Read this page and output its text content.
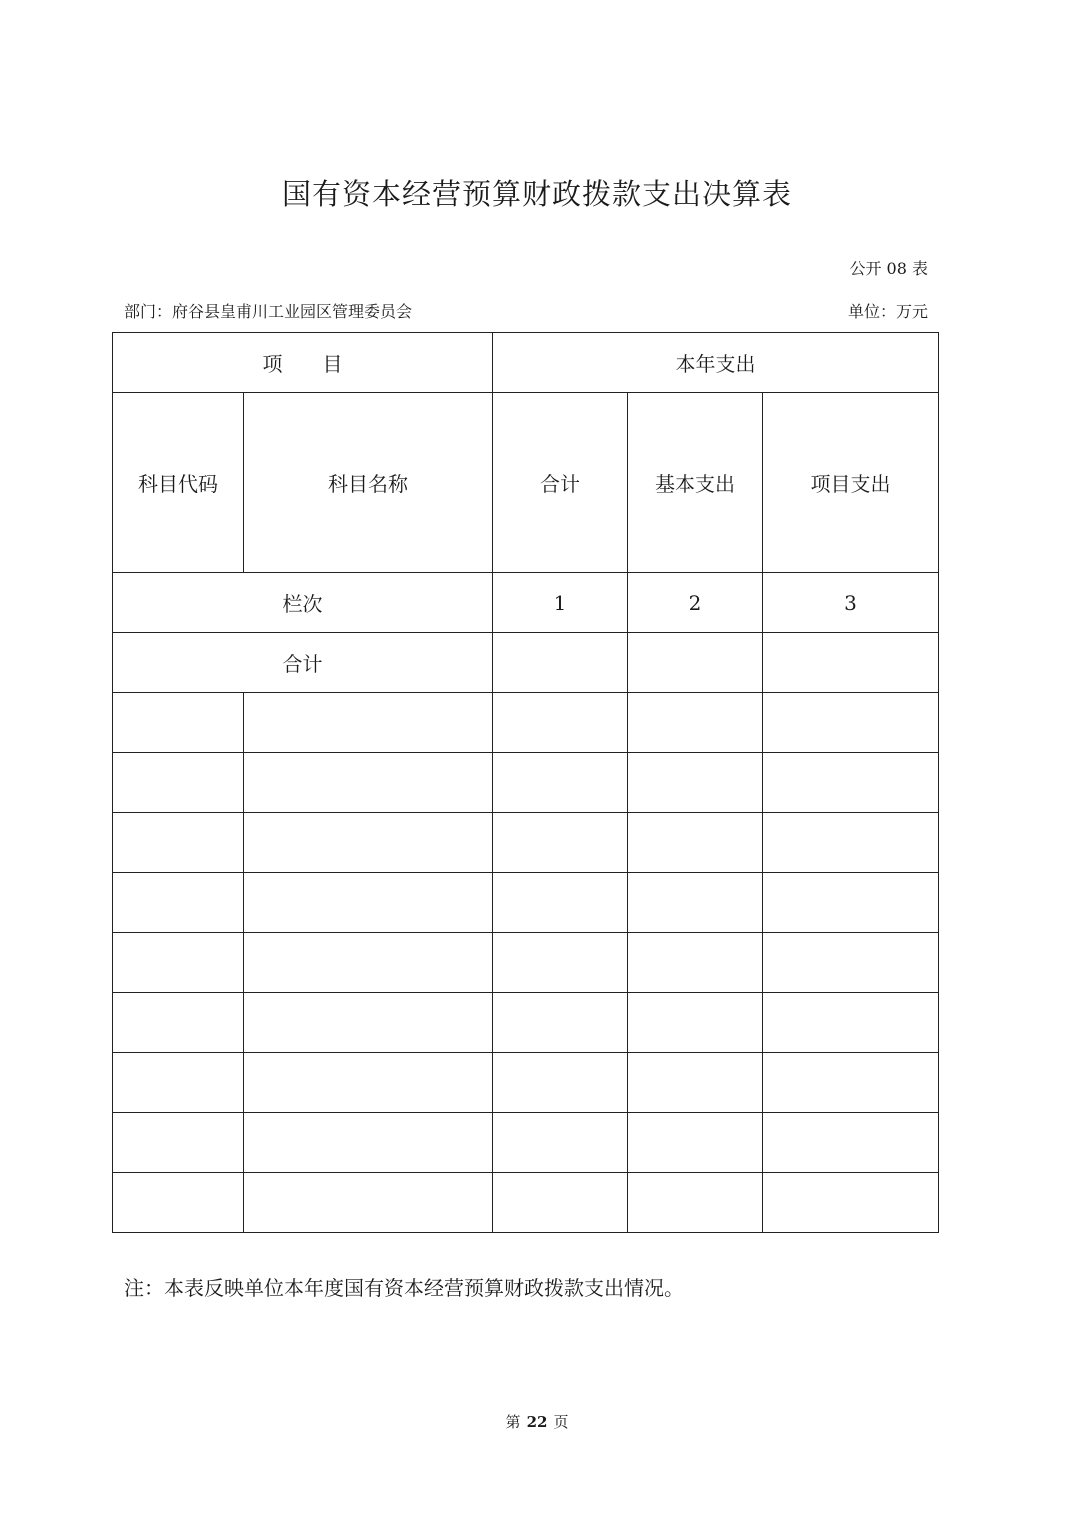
国有资本经营预算财政拨款支出决算表
公开 08 表
部门：府谷县皇甫川工业园区管理委员会	单位：万元
项　　目		本年支出		
科目代码	科目名称	合计	基本支出	项目支出
栏次		1	2	3
合计				

注：本表反映单位本年度国有资本经营预算财政拨款支出情况。
第 22 页
